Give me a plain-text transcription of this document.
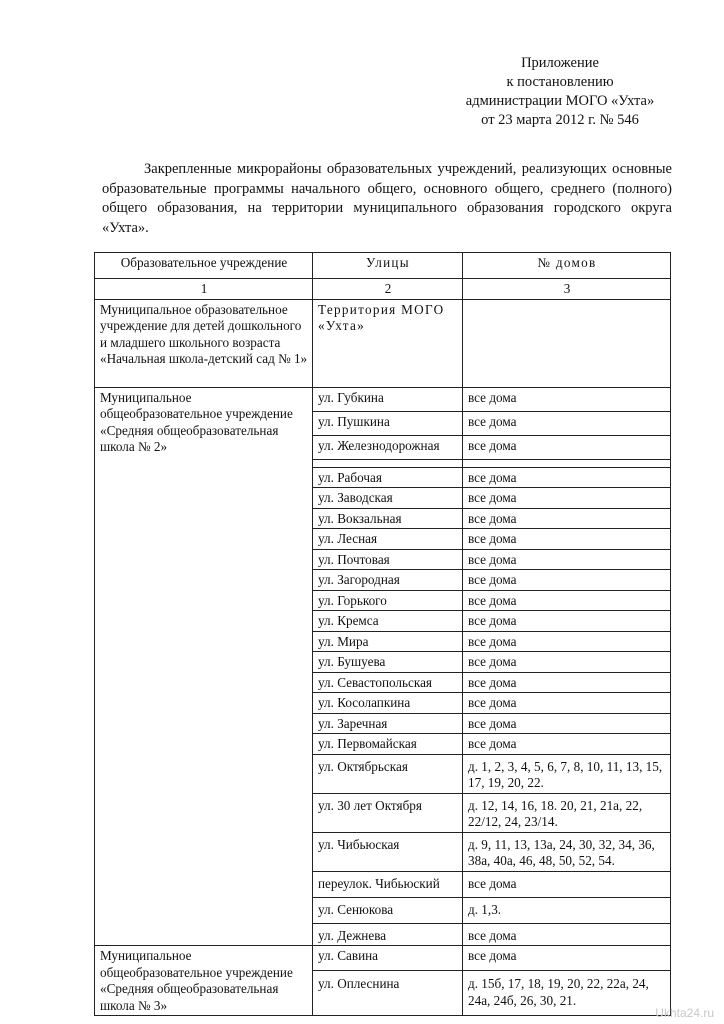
Приложение
к постановлению
администрации МОГО «Ухта»
от 23 марта 2012 г. № 546
Закрепленные микрорайоны образовательных учреждений, реализующих основные образовательные программы начального общего, основного общего, среднего (полного) общего образования, на территории муниципального образования городского округа «Ухта».
Образовательное учреждение	Улицы	№ домов
1	2	3
Муниципальное образовательное учреждение для детей дошкольного и младшего школьного возраста «Начальная школа-детский сад № 1»	Территория МОГО «Ухта»	
Муниципальное общеобразовательное учреждение «Средняя общеобразовательная школа № 2»	ул. Губкина	все дома
	ул. Пушкина	все дома
	ул. Железнодорожная	все дома

	ул. Рабочая	все дома
	ул. Заводская	все дома
	ул. Вокзальная	все дома
	ул. Лесная	все дома
	ул. Почтовая	все дома
	ул. Загородная	все дома
	ул. Горького	все дома
	ул. Кремса	все дома
	ул. Мира	все дома
	ул. Бушуева	все дома
	ул. Севастопольская	все дома
	ул. Косолапкина	все дома
	ул. Заречная	все дома
	ул. Первомайская	все дома
	ул. Октябрьская	д. 1, 2, 3, 4, 5, 6, 7, 8, 10, 11, 13, 15, 17, 19, 20, 22.
	ул. 30 лет Октября	д. 12, 14, 16, 18. 20, 21, 21а, 22, 22/12, 24, 23/14.
	ул. Чибьюская	д. 9, 11, 13, 13а, 24, 30, 32, 34, 36, 38а, 40а, 46, 48, 50, 52, 54.
	переулок. Чибьюский	все дома
	ул. Сенюкова	д. 1,3.
	ул. Дежнева	все дома
Муниципальное общеобразовательное учреждение «Средняя общеобразовательная школа № 3»	ул. Савина	все дома
	ул. Оплеснина	д. 15б, 17, 18, 19, 20, 22, 22а, 24, 24а, 24б, 26, 30, 21.
Ukhta24.ru
